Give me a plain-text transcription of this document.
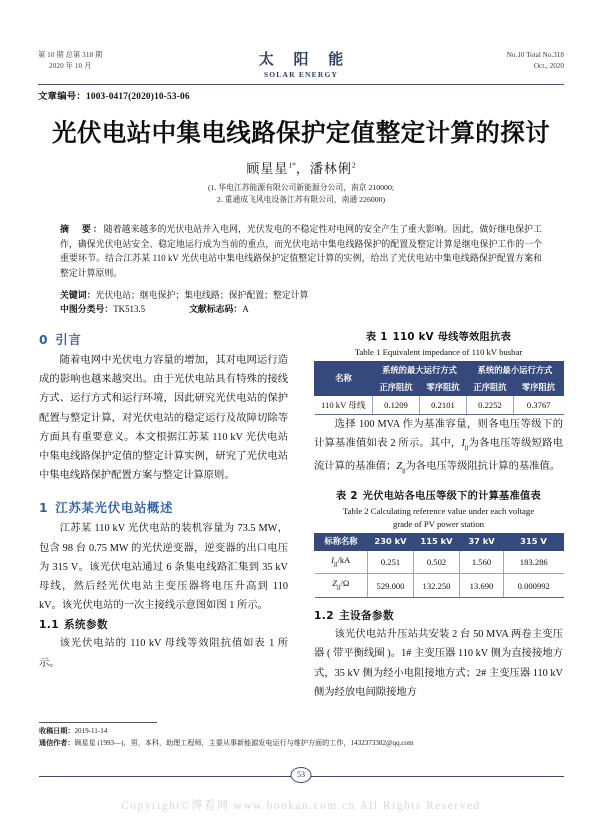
第 10 期 总第 318 期
2020 年 10 月	太 阳 能
SOLAR ENERGY
No.10 Total No.318
Oct., 2020
文章编号：1003-0417(2020)10-53-06
光伏电站中集电线路保护定值整定计算的探讨
顾星星$^{1*}$，潘林俐$^2$
(1. 华电江苏能源有限公司新能源分公司，南京 210000;
2. 重通成飞风电设备江苏有限公司，南通 226000)
摘　要：随着越来越多的光伏电站并入电网，光伏发电的不稳定性对电网的安全产生了重大影响。因此，做好继电保护工作，确保光伏电站安全、稳定地运行成为当前的重点，而光伏电站中集电线路保护的配置及整定计算是继电保护工作的一个重要环节。结合江苏某 110 kV 光伏电站中集电线路保护定值整定计算的实例，给出了光伏电站中集电线路保护配置方案和整定计算原则。
关键词：光伏电站；继电保护；集电线路；保护配置；整定计算
中图分类号：TK513.5	文献标志码：A
0 引言

随着电网中光伏电力容量的增加，其对电网运行造成的影响也越来越突出。由于光伏电站具有特殊的接线方式、运行方式和运行环境，因此研究光伏电站的保护配置与整定计算，对光伏电站的稳定运行及故障切除等方面具有重要意义。本文根据江苏某 110 kV 光伏电站中集电线路保护定值的整定计算实例，研究了光伏电站中集电线路保护配置方案与整定计算原则。

1 江苏某光伏电站概述

江苏某 110 kV 光伏电站的装机容量为 73.5 MW，包含 98 台 0.75 MW 的光伏逆变器，逆变器的出口电压为 315 V。该光伏电站通过 6 条集电线路汇集到 35 kV 母线，然后经光伏电站主变压器将电压升高到 110 kV。该光伏电站的一次主接线示意图如图 1 所示。

1.1 系统参数

该光伏电站的 110 kV 母线等效阻抗值如表 1 所示。

表 1 110 kV 母线等效阻抗表
Table 1 Equivalent impedance of 110 kV busbar
名称	系统的最大运行方式		系统的最小运行方式	
	正序阻抗	零序阻抗	正序阻抗	零序阻抗
110 kV 母线	0.1209	0.2101	0.2252	0.3767

选择 100 MVA 作为基准容量，则各电压等级下的计算基准值如表 2 所示。其中，$I_{jj}$为各电压等级短路电流计算的基准值；$Z_{jj}$为各电压等级阻抗计算的基准值。

表 2 光伏电站各电压等级下的计算基准值表
Table 2 Calculating reference value under each voltage
grade of PV power station
标称名称	230 kV	115 kV	37 kV	315 V
$I_{jj}/kA$	0.251	0.502	1.560	183.286
$Z_{jj}/\Omega$	529.000	132.250	13.690	0.000992
1.2 主设备参数

该光伏电站升压站共安装 2 台 50 MVA 两卷主变压器 ( 带平衡线圈 )。1# 主变压器 110 kV 侧为直接接地方式，35 kV 侧为经小电阻接地方式；2# 主变压器 110 kV 侧为经放电间隙接地方

收稿日期：2019-11-14
通信作者：顾星星 (1993—)，男，本科，助理工程师，主要从事新能源发电运行与维护方面的工作，1432373382@qq.com
53
Copyright©博看网 www.bookan.com.cn All Rights Reserved
